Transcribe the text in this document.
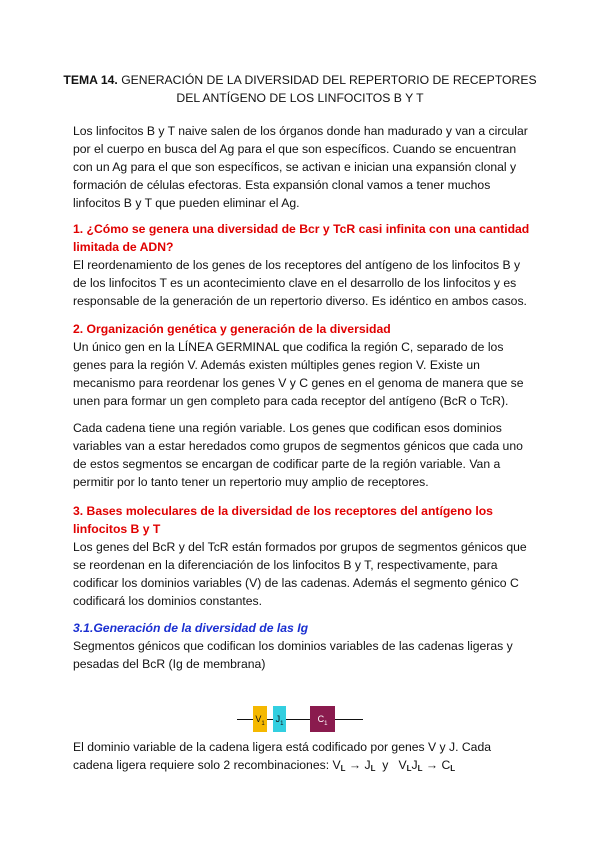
TEMA 14. GENERACIÓN DE LA DIVERSIDAD DEL REPERTORIO DE RECEPTORES DEL ANTÍGENO DE LOS LINFOCITOS B Y T

Los linfocitos B y T naive salen de los órganos donde han madurado y van a circular por el cuerpo en busca del Ag para el que son específicos. Cuando se encuentran con un Ag para el que son específicos, se activan e inician una expansión clonal y formación de células efectoras. Esta expansión clonal vamos a tener muchos linfocitos B y T que pueden eliminar el Ag.

1. ¿Cómo se genera una diversidad de Bcr y TcR casi infinita con una cantidad limitada de ADN?

El reordenamiento de los genes de los receptores del antígeno de los linfocitos B y de los linfocitos T es un acontecimiento clave en el desarrollo de los linfocitos y es responsable de la generación de un repertorio diverso. Es idéntico en ambos casos.

2. Organización genética y generación de la diversidad

Un único gen en la LÍNEA GERMINAL que codifica la región C, separado de los genes para la región V. Además existen múltiples genes region V. Existe un mecanismo para reordenar los genes V y C genes en el genoma de manera que se unen para formar un gen completo para cada receptor del antígeno (BcR o TcR).

Cada cadena tiene una región variable. Los genes que codifican esos dominios variables van a estar heredados como grupos de segmentos génicos que cada uno de estos segmentos se encargan de codificar parte de la región variable. Van a permitir por lo tanto tener un repertorio muy amplio de receptores.

3. Bases moleculares de la diversidad de los receptores del antígeno los linfocitos B y T

Los genes del BcR y del TcR están formados por grupos de segmentos génicos que se reordenan en la diferenciación de los linfocitos B y T, respectivamente, para codificar los dominios variables (V) de las cadenas. Además el segmento génico C codificará los dominios constantes.

3.1.Generación de la diversidad de las Ig

Segmentos génicos que codifican los dominios variables de las cadenas ligeras y pesadas del BcR (Ig de membrana)

$V_1$ $J_1$	$C_1$

El dominio variable de la cadena ligera está codificado por genes V y J. Cada
cadena ligera requiere solo 2 recombinaciones: $V_L \to J_L$  y   $V_LJ_L \to C_L$
